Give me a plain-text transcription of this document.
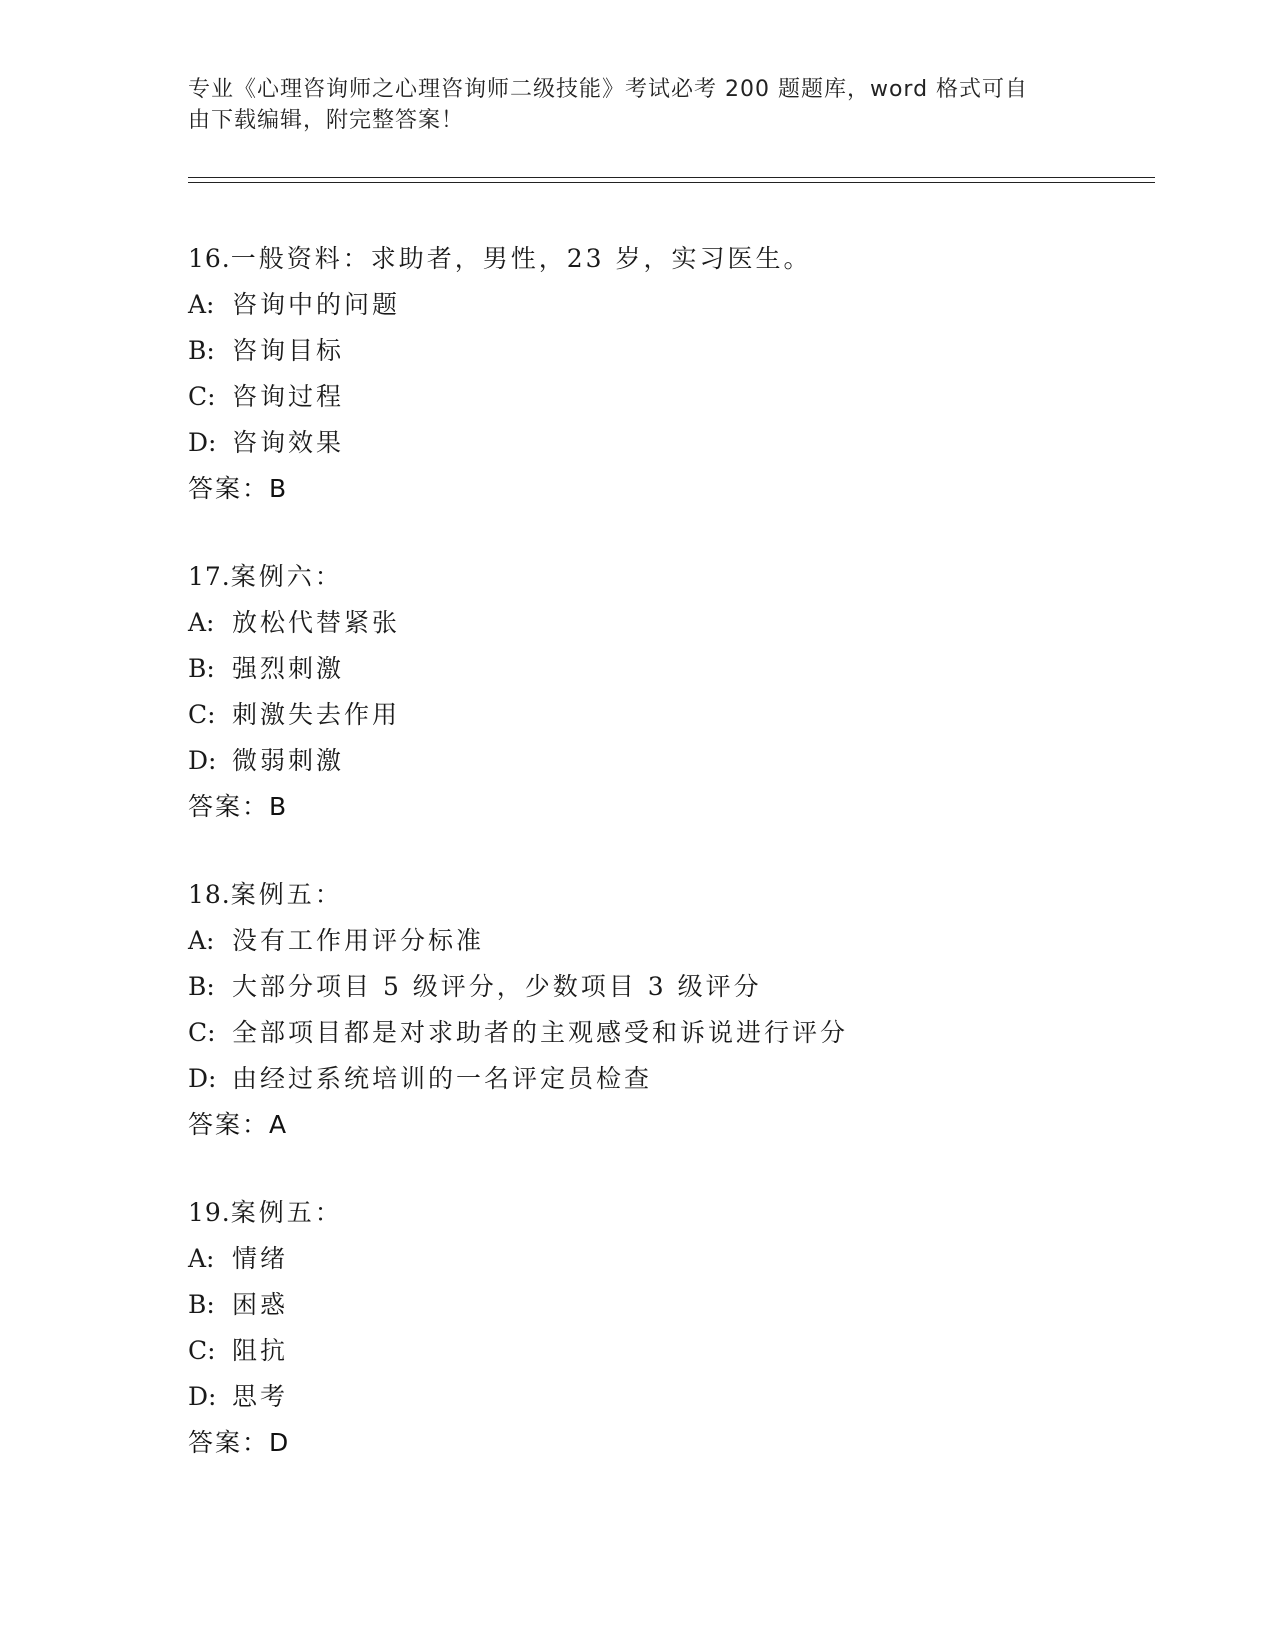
专业《心理咨询师之心理咨询师二级技能》考试必考 200 题题库，word 格式可自
由下载编辑，附完整答案！
16.一般资料：求助者，男性，23 岁，实习医生。
A: 咨询中的问题
B: 咨询目标
C: 咨询过程
D: 咨询效果
答案：B
17.案例六：
A: 放松代替紧张
B: 强烈刺激
C: 刺激失去作用
D: 微弱刺激
答案：B
18.案例五：
A: 没有工作用评分标准
B: 大部分项目 5 级评分，少数项目 3 级评分
C: 全部项目都是对求助者的主观感受和诉说进行评分
D: 由经过系统培训的一名评定员检查
答案：A
19.案例五：
A: 情绪
B: 困惑
C: 阻抗
D: 思考
答案：D
